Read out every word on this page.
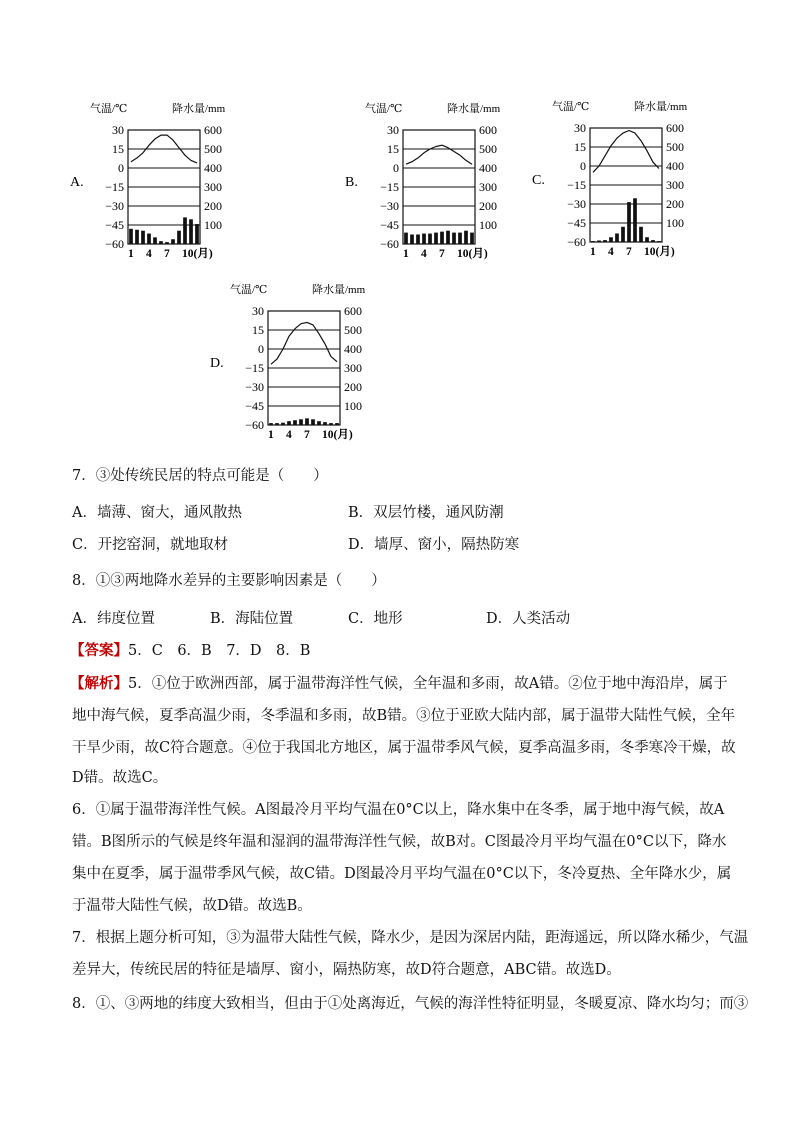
A.
气温/℃	降水量/mm
30
15
0
−15
−30
−45
−60
600
500
400
300
200
100
1 4 7 10(月)
B.
气温/℃	降水量/mm
30
15
0
−15
−30
−45
−60
600
500
400
300
200
100
1 4 7 10(月)
C.
气温/℃	降水量/mm
30
15
0
−15
−30
−45
−60
600
500
400
300
200
100
1 4 7 10(月)
D.
气温/℃	降水量/mm
30
15
0
−15
−30
−45
−60
600
500
400
300
200
100
1 4 7 10(月)
7．③处传统民居的特点可能是（　　）
A．墙薄、窗大，通风散热	B．双层竹楼，通风防潮
C．开挖窑洞，就地取材	D．墙厚、窗小，隔热防寒
8．①③两地降水差异的主要影响因素是（　　）
A．纬度位置	B．海陆位置	C．地形	D．人类活动
【答案】5．C　6．B　7．D　8．B
【解析】5．①位于欧洲西部，属于温带海洋性气候，全年温和多雨，故A错。②位于地中海沿岸，属于
地中海气候，夏季高温少雨，冬季温和多雨，故B错。③位于亚欧大陆内部，属于温带大陆性气候，全年
干旱少雨，故C符合题意。④位于我国北方地区，属于温带季风气候，夏季高温多雨，冬季寒冷干燥，故
D错。故选C。
6．①属于温带海洋性气候。A图最冷月平均气温在0°C以上，降水集中在冬季，属于地中海气候，故A
错。B图所示的气候是终年温和湿润的温带海洋性气候，故B对。C图最冷月平均气温在0°C以下，降水
集中在夏季，属于温带季风气候，故C错。D图最冷月平均气温在0°C以下，冬冷夏热、全年降水少，属
于温带大陆性气候，故D错。故选B。
7．根据上题分析可知，③为温带大陆性气候，降水少，是因为深居内陆，距海遥远，所以降水稀少，气温
差异大，传统民居的特征是墙厚、窗小，隔热防寒，故D符合题意，ABC错。故选D。
8．①、③两地的纬度大致相当，但由于①处离海近，气候的海洋性特征明显，冬暖夏凉、降水均匀；而③
